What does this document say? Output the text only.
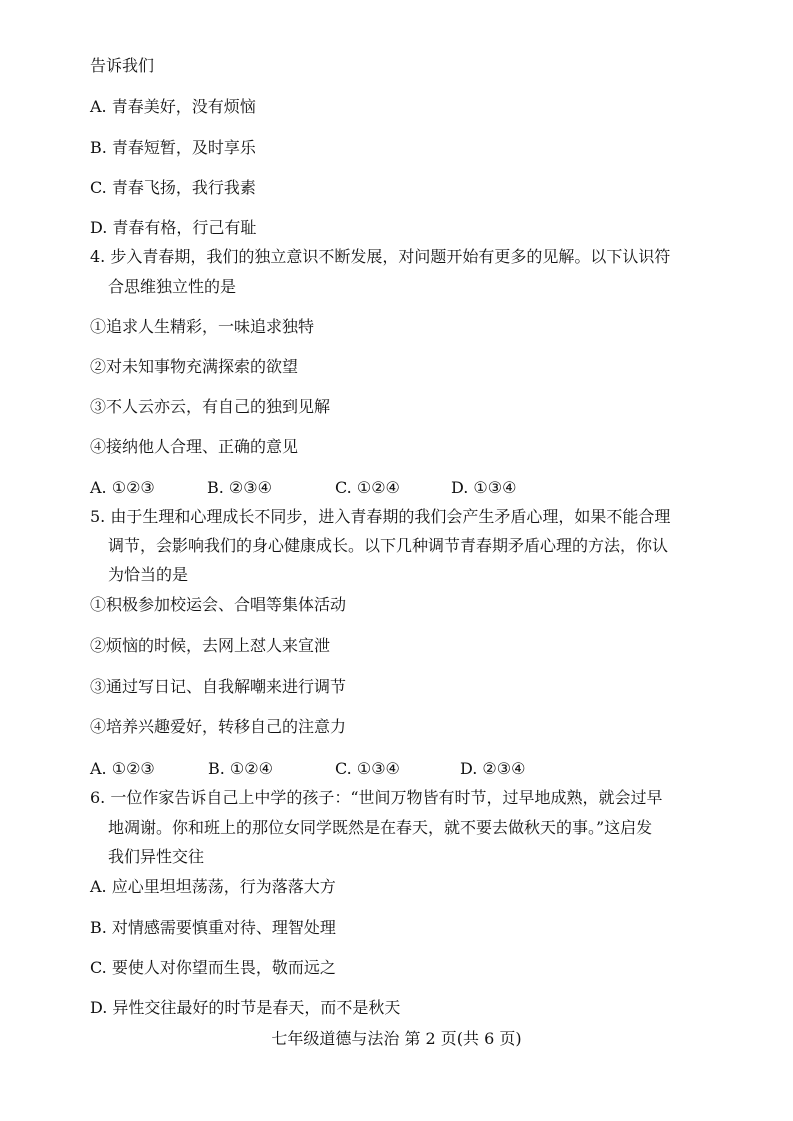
告诉我们
A. 青春美好，没有烦恼
B. 青春短暂，及时享乐
C. 青春飞扬，我行我素
D. 青春有格，行己有耻
4. 步入青春期，我们的独立意识不断发展，对问题开始有更多的见解。以下认识符
合思维独立性的是
①追求人生精彩，一味追求独特
②对未知事物充满探索的欲望
③不人云亦云，有自己的独到见解
④接纳他人合理、正确的意见
A. ①②③	B. ②③④	C. ①②④	D. ①③④
5. 由于生理和心理成长不同步，进入青春期的我们会产生矛盾心理，如果不能合理
调节，会影响我们的身心健康成长。以下几种调节青春期矛盾心理的方法，你认
为恰当的是
①积极参加校运会、合唱等集体活动
②烦恼的时候，去网上怼人来宣泄
③通过写日记、自我解嘲来进行调节
④培养兴趣爱好，转移自己的注意力
A. ①②③	B. ①②④	C. ①③④	D. ②③④
6. 一位作家告诉自己上中学的孩子：“世间万物皆有时节，过早地成熟，就会过早
地凋谢。你和班上的那位女同学既然是在春天，就不要去做秋天的事。”这启发
我们异性交往
A. 应心里坦坦荡荡，行为落落大方
B. 对情感需要慎重对待、理智处理
C. 要使人对你望而生畏，敬而远之
D. 异性交往最好的时节是春天，而不是秋天
七年级道德与法治 第 2 页(共 6 页)
